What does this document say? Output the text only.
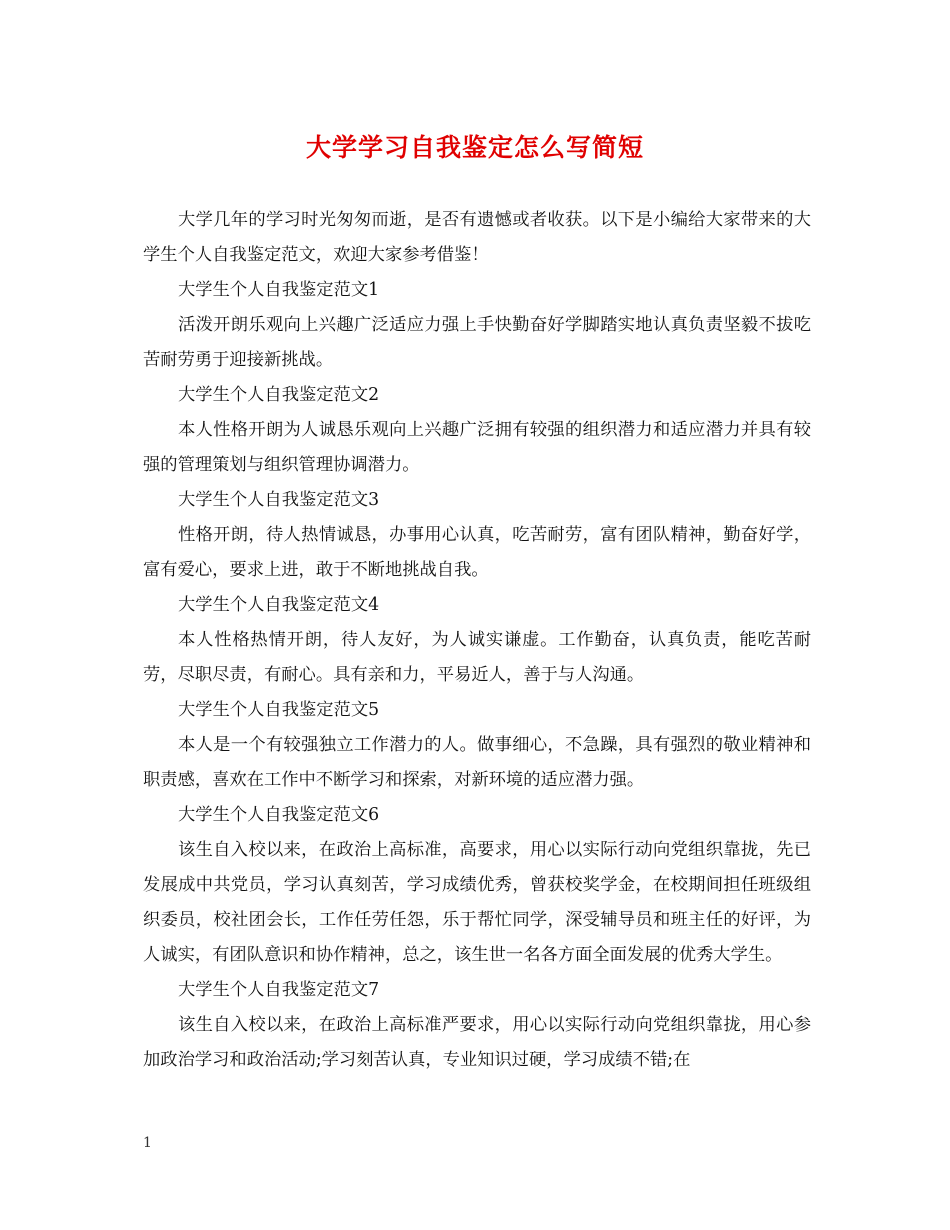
大学学习自我鉴定怎么写简短

大学几年的学习时光匆匆而逝，是否有遗憾或者收获。以下是小编给大家带来的大学生个人自我鉴定范文，欢迎大家参考借鉴！

大学生个人自我鉴定范文1

活泼开朗乐观向上兴趣广泛适应力强上手快勤奋好学脚踏实地认真负责坚毅不拔吃苦耐劳勇于迎接新挑战。

大学生个人自我鉴定范文2

本人性格开朗为人诚恳乐观向上兴趣广泛拥有较强的组织潜力和适应潜力并具有较强的管理策划与组织管理协调潜力。

大学生个人自我鉴定范文3

性格开朗，待人热情诚恳，办事用心认真，吃苦耐劳，富有团队精神，勤奋好学，富有爱心，要求上进，敢于不断地挑战自我。

大学生个人自我鉴定范文4

本人性格热情开朗，待人友好，为人诚实谦虚。工作勤奋，认真负责，能吃苦耐劳，尽职尽责，有耐心。具有亲和力，平易近人，善于与人沟通。

大学生个人自我鉴定范文5

本人是一个有较强独立工作潜力的人。做事细心，不急躁，具有强烈的敬业精神和职责感，喜欢在工作中不断学习和探索，对新环境的适应潜力强。

大学生个人自我鉴定范文6

该生自入校以来，在政治上高标准，高要求，用心以实际行动向党组织靠拢，先已发展成中共党员，学习认真刻苦，学习成绩优秀，曾获校奖学金，在校期间担任班级组织委员，校社团会长，工作任劳任怨，乐于帮忙同学，深受辅导员和班主任的好评，为人诚实，有团队意识和协作精神，总之，该生世一名各方面全面发展的优秀大学生。

大学生个人自我鉴定范文7

该生自入校以来，在政治上高标准严要求，用心以实际行动向党组织靠拢，用心参加政治学习和政治活动;学习刻苦认真，专业知识过硬，学习成绩不错;在

1
